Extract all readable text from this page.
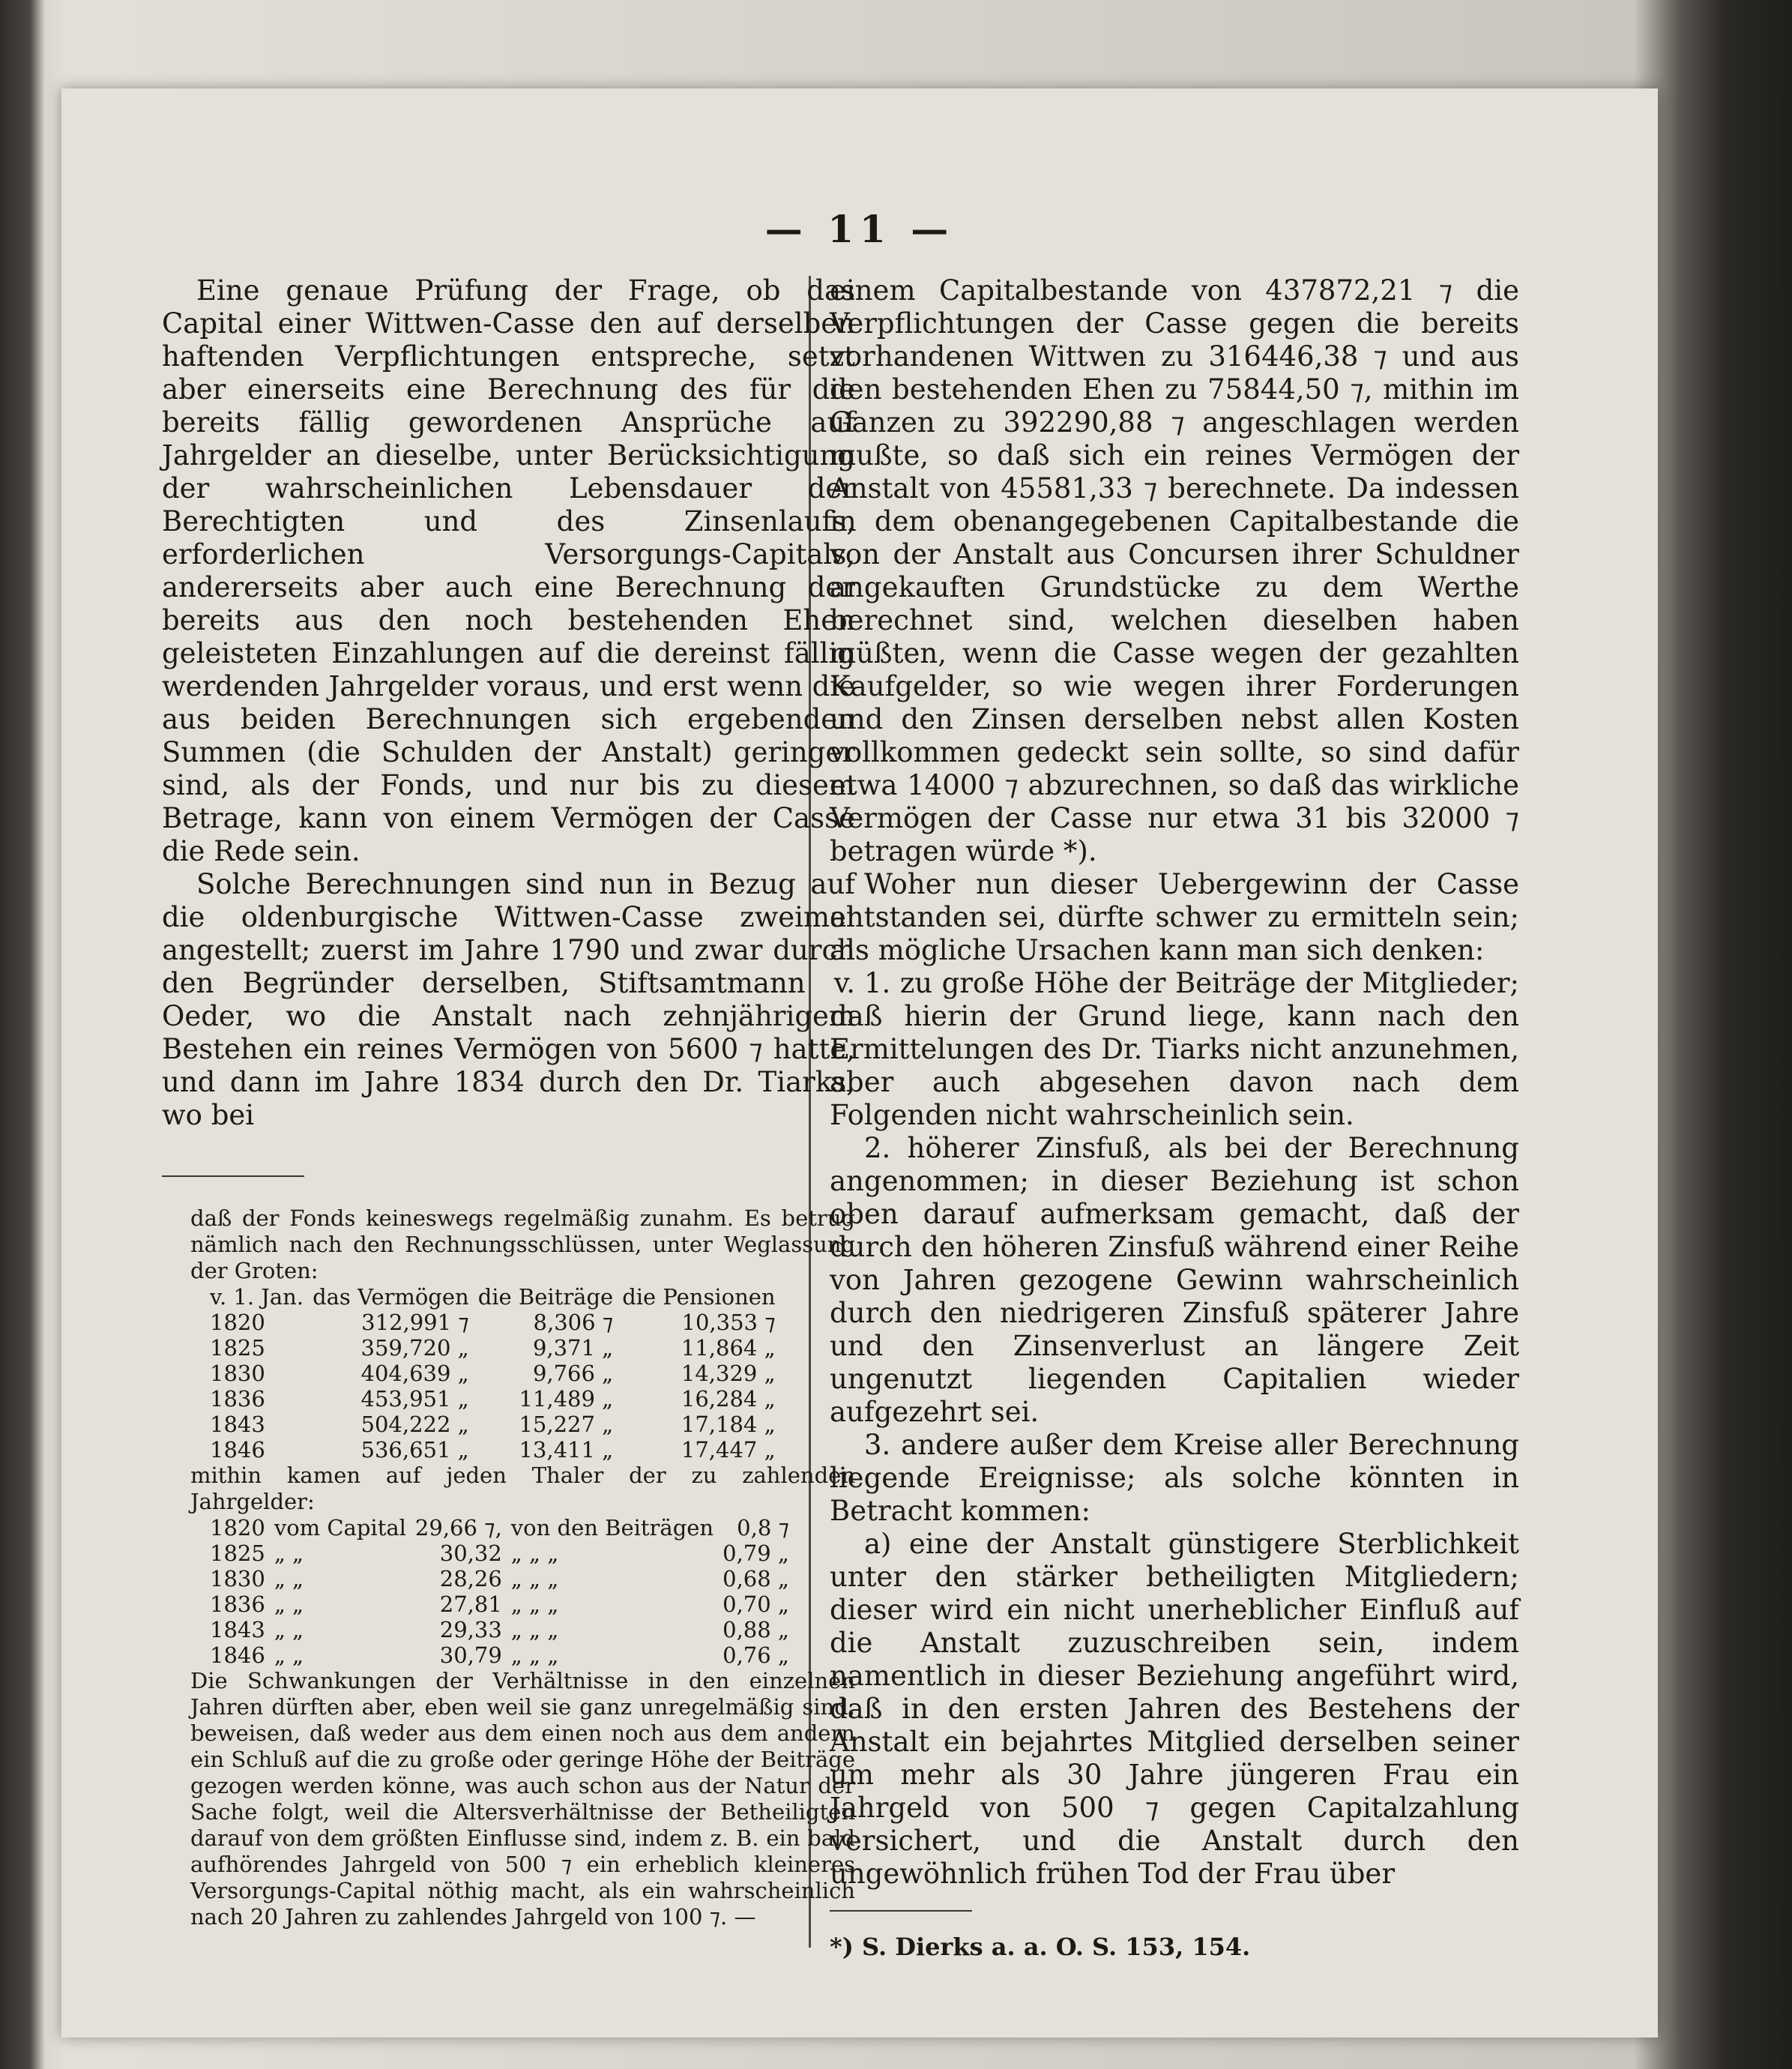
— 11 —

Eine genaue Prüfung der Frage, ob das Capital einer Wittwen-Casse den auf derselben haftenden Verpflichtungen entspreche, setzt aber einerseits eine Berechnung des für die bereits fällig gewordenen Ansprüche auf Jahrgelder an dieselbe, unter Berücksichtigung der wahrscheinlichen Lebensdauer der Berechtigten und des Zinsenlaufs, erforderlichen Versorgungs-Capitals, andererseits aber auch eine Berechnung der bereits aus den noch bestehenden Ehen geleisteten Einzahlungen auf die dereinst fällig werdenden Jahrgelder voraus, und erst wenn die aus beiden Berechnungen sich ergebenden Summen (die Schulden der Anstalt) geringer sind, als der Fonds, und nur bis zu diesem Betrage, kann von einem Vermögen der Casse die Rede sein.

Solche Berechnungen sind nun in Bezug auf die oldenburgische Wittwen-Casse zweimal angestellt; zuerst im Jahre 1790 und zwar durch den Begründer derselben, Stiftsamtmann v. Oeder, wo die Anstalt nach zehnjährigem Bestehen ein reines Vermögen von 5600 ⁊ hatte, und dann im Jahre 1834 durch den Dr. Tiarks, wo bei

daß der Fonds keineswegs regelmäßig zunahm. Es betrug nämlich nach den Rechnungsschlüssen, unter Weglassung der Groten:

v. 1. Jan.	das Vermögen	die Beiträge	die Pensionen
1820	312,991 ⁊	8,306 ⁊	10,353 ⁊
1825	359,720 „	9,371 „	11,864 „
1830	404,639 „	9,766 „	14,329 „
1836	453,951 „	11,489 „	16,284 „
1843	504,222 „	15,227 „	17,184 „
1846	536,651 „	13,411 „	17,447 „

mithin kamen auf jeden Thaler der zu zahlenden Jahrgelder:

1820	vom Capital	29,66 ⁊,	von den Beiträgen	0,8 ⁊
1825	„ „	30,32	„ „ „	0,79 „
1830	„ „	28,26	„ „ „	0,68 „
1836	„ „	27,81	„ „ „	0,70 „
1843	„ „	29,33	„ „ „	0,88 „
1846	„ „	30,79	„ „ „	0,76 „

Die Schwankungen der Verhältnisse in den einzelnen Jahren dürften aber, eben weil sie ganz unregelmäßig sind, beweisen, daß weder aus dem einen noch aus dem andern ein Schluß auf die zu große oder geringe Höhe der Beiträge gezogen werden könne, was auch schon aus der Natur der Sache folgt, weil die Altersverhältnisse der Betheiligten darauf von dem größten Einflusse sind, indem z. B. ein bald aufhörendes Jahrgeld von 500 ⁊ ein erheblich kleineres Versorgungs-Capital nöthig macht, als ein wahrscheinlich nach 20 Jahren zu zahlendes Jahrgeld von 100 ⁊. —

einem Capitalbestande von 437872,21 ⁊ die Verpflichtungen der Casse gegen die bereits vorhandenen Wittwen zu 316446,38 ⁊ und aus den bestehenden Ehen zu 75844,50 ⁊, mithin im Ganzen zu 392290,88 ⁊ angeschlagen werden mußte, so daß sich ein reines Vermögen der Anstalt von 45581,33 ⁊ berechnete. Da indessen in dem obenangegebenen Capitalbestande die von der Anstalt aus Concursen ihrer Schuldner angekauften Grundstücke zu dem Werthe berechnet sind, welchen dieselben haben müßten, wenn die Casse wegen der gezahlten Kaufgelder, so wie wegen ihrer Forderungen und den Zinsen derselben nebst allen Kosten vollkommen gedeckt sein sollte, so sind dafür etwa 14000 ⁊ abzurechnen, so daß das wirkliche Vermögen der Casse nur etwa 31 bis 32000 ⁊ betragen würde *).

Woher nun dieser Uebergewinn der Casse entstanden sei, dürfte schwer zu ermitteln sein; als mögliche Ursachen kann man sich denken:

1. zu große Höhe der Beiträge der Mitglieder; daß hierin der Grund liege, kann nach den Ermittelungen des Dr. Tiarks nicht anzunehmen, aber auch abgesehen davon nach dem Folgenden nicht wahrscheinlich sein.

2. höherer Zinsfuß, als bei der Berechnung angenommen; in dieser Beziehung ist schon oben darauf aufmerksam gemacht, daß der durch den höheren Zinsfuß während einer Reihe von Jahren gezogene Gewinn wahrscheinlich durch den niedrigeren Zinsfuß späterer Jahre und den Zinsenverlust an längere Zeit ungenutzt liegenden Capitalien wieder aufgezehrt sei.

3. andere außer dem Kreise aller Berechnung liegende Ereignisse; als solche könnten in Betracht kommen:

a) eine der Anstalt günstigere Sterblichkeit unter den stärker betheiligten Mitgliedern; dieser wird ein nicht unerheblicher Einfluß auf die Anstalt zuzuschreiben sein, indem namentlich in dieser Beziehung angeführt wird, daß in den ersten Jahren des Bestehens der Anstalt ein bejahrtes Mitglied derselben seiner um mehr als 30 Jahre jüngeren Frau ein Jahrgeld von 500 ⁊ gegen Capitalzahlung versichert, und die Anstalt durch den ungewöhnlich frühen Tod der Frau über

*) S. Dierks a. a. O. S. 153, 154.
